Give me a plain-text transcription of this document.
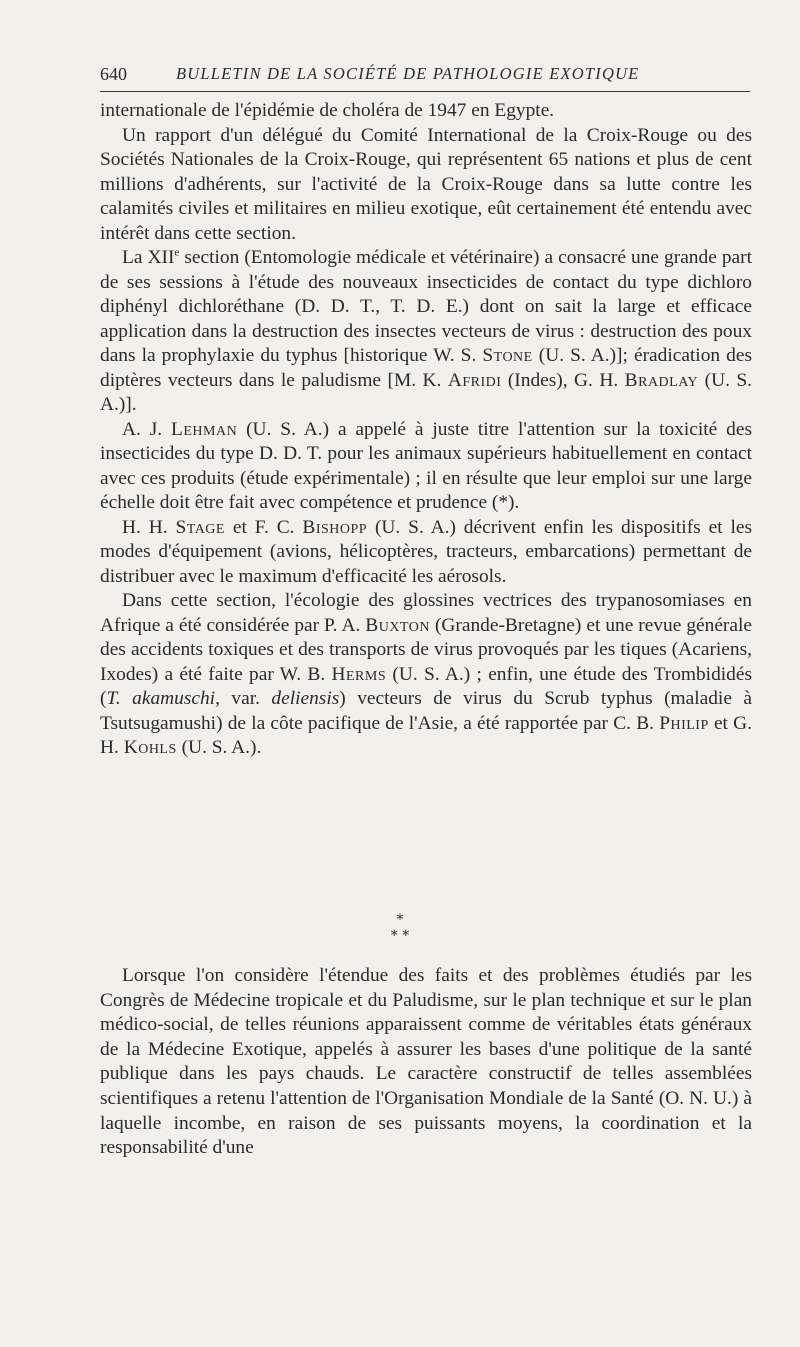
640	BULLETIN DE LA SOCIÉTÉ DE PATHOLOGIE EXOTIQUE

internationale de l'épidémie de choléra de 1947 en Egypte.

Un rapport d'un délégué du Comité International de la Croix-Rouge ou des Sociétés Nationales de la Croix-Rouge, qui représentent 65 nations et plus de cent millions d'adhérents, sur l'activité de la Croix-Rouge dans sa lutte contre les calamités civiles et militaires en milieu exotique, eût certainement été entendu avec intérêt dans cette section.

La XIIe section (Entomologie médicale et vétérinaire) a consacré une grande part de ses sessions à l'étude des nouveaux insecticides de contact du type dichloro diphényl dichloréthane (D. D. T., T. D. E.) dont on sait la large et efficace application dans la destruction des insectes vecteurs de virus : destruction des poux dans la prophylaxie du typhus [historique W. S. Stone (U. S. A.)]; éradication des diptères vecteurs dans le paludisme [M. K. Afridi (Indes), G. H. Bradlay (U. S. A.)].

A. J. Lehman (U. S. A.) a appelé à juste titre l'attention sur la toxicité des insecticides du type D. D. T. pour les animaux supérieurs habituellement en contact avec ces produits (étude expérimentale) ; il en résulte que leur emploi sur une large échelle doit être fait avec compétence et prudence (*).

H. H. Stage et F. C. Bishopp (U. S. A.) décrivent enfin les dispositifs et les modes d'équipement (avions, hélicoptères, tracteurs, embarcations) permettant de distribuer avec le maximum d'efficacité les aérosols.

Dans cette section, l'écologie des glossines vectrices des trypanosomiases en Afrique a été considérée par P. A. Buxton (Grande-Bretagne) et une revue générale des accidents toxiques et des transports de virus provoqués par les tiques (Acariens, Ixodes) a été faite par W. B. Herms (U. S. A.) ; enfin, une étude des Trombididés (T. akamuschi, var. deliensis) vecteurs de virus du Scrub typhus (maladie à Tsutsugamushi) de la côte pacifique de l'Asie, a été rapportée par C. B. Philip et G. H. Kohls (U. S. A.).

*
* *

Lorsque l'on considère l'étendue des faits et des problèmes étudiés par les Congrès de Médecine tropicale et du Paludisme, sur le plan technique et sur le plan médico-social, de telles réunions apparaissent comme de véritables états généraux de la Médecine Exotique, appelés à assurer les bases d'une politique de la santé publique dans les pays chauds. Le caractère constructif de telles assemblées scientifiques a retenu l'attention de l'Organisation Mondiale de la Santé (O. N. U.) à laquelle incombe, en raison de ses puissants moyens, la coordination et la responsabilité d'une
